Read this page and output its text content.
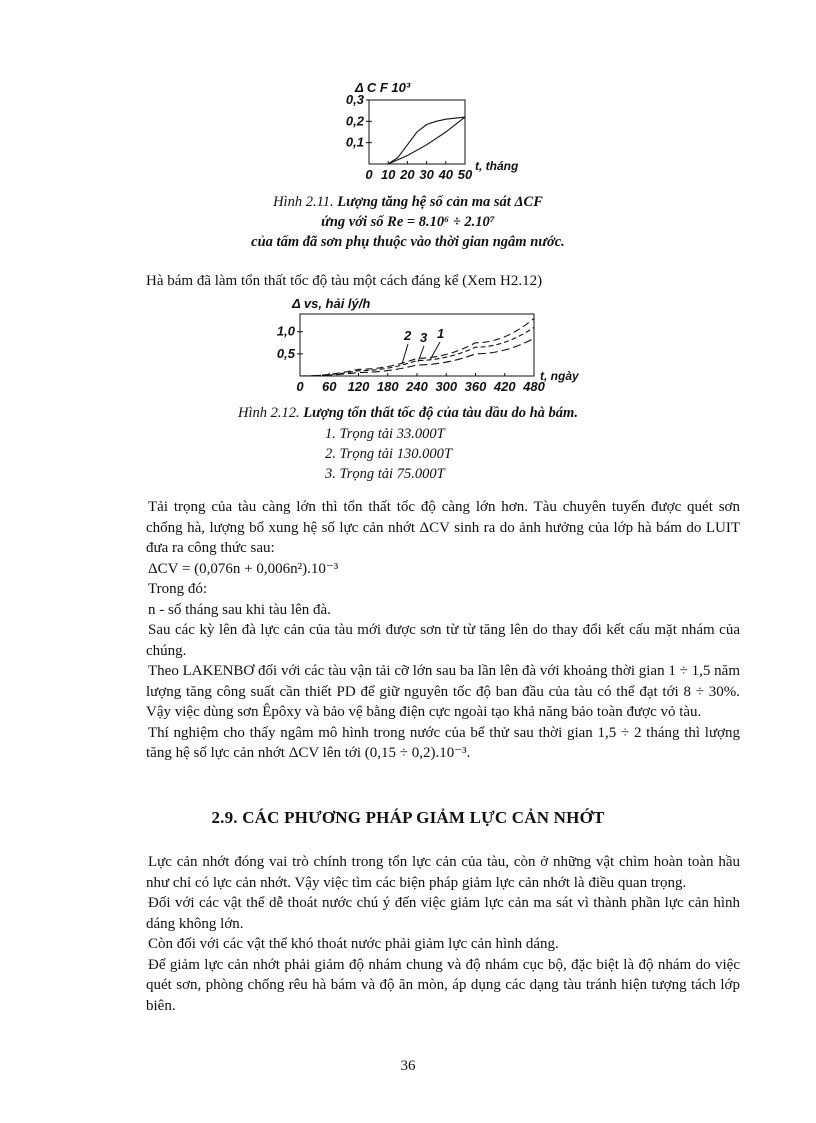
Δ C F 10³
0,1
0,2
0,3
0 10 20 30 40 50
t, tháng
Hình 2.11. Lượng tăng hệ số cản ma sát ΔCF
ứng với số Re = 8.10⁶ ÷ 2.10⁷
của tấm đã sơn phụ thuộc vào thời gian ngâm nước.
Hà bám đã làm tổn thất tốc độ tàu một cách đáng kể (Xem H2.12)
Δ vs, hải lý/h
0,5
1,0
0 60 120 180 240 300 360 420 480
2 3 1
t, ngày
Hình 2.12. Lượng tổn thất tốc độ của tàu dầu do hà bám.
1. Trọng tải 33.000T
2. Trọng tải 130.000T
3. Trọng tải 75.000T

Tải trọng của tàu càng lớn thì tổn thất tốc độ càng lớn hơn. Tàu chuyên tuyến được quét sơn chống hà, lượng bổ xung hệ số lực cản nhớt ΔCV sinh ra do ảnh hưởng của lớp hà bám do LUIT đưa ra công thức sau:

ΔCV = (0,076n + 0,006n²).10⁻³

Trong đó:

n - số tháng sau khi tàu lên đà.

Sau các kỳ lên đà lực cản của tàu mới được sơn từ từ tăng lên do thay đổi kết cấu mặt nhám của chúng.

Theo LAKENBƠ đối với các tàu vận tải cỡ lớn sau ba lần lên đà với khoảng thời gian 1 ÷ 1,5 năm lượng tăng công suất cần thiết PD để giữ nguyên tốc độ ban đầu của tàu có thể đạt tới 8 ÷ 30%. Vậy việc dùng sơn Êpôxy và bảo vệ bằng điện cực ngoài tạo khả năng bảo toàn được vỏ tàu.

Thí nghiệm cho thấy ngâm mô hình trong nước của bể thử sau thời gian 1,5 ÷ 2 tháng thì lượng tăng hệ số lực cản nhớt ΔCV lên tới (0,15 ÷ 0,2).10⁻³.

2.9. CÁC PHƯƠNG PHÁP GIẢM LỰC CẢN NHỚT

Lực cản nhớt đóng vai trò chính trong tổn lực cản của tàu, còn ở những vật chìm hoàn toàn hầu như chỉ có lực cản nhớt. Vậy việc tìm các biện pháp giảm lực cản nhớt là điều quan trọng.

Đối với các vật thể dễ thoát nước chú ý đến việc giảm lực cản ma sát vì thành phần lực cản hình dáng không lớn.

Còn đối với các vật thể khó thoát nước phải giảm lực cản hình dáng.

Để giảm lực cản nhớt phải giảm độ nhám chung và độ nhám cục bộ, đặc biệt là độ nhám do việc quét sơn, phòng chống rêu hà bám và độ ăn mòn, áp dụng các dạng tàu tránh hiện tượng tách lớp biên.

36
